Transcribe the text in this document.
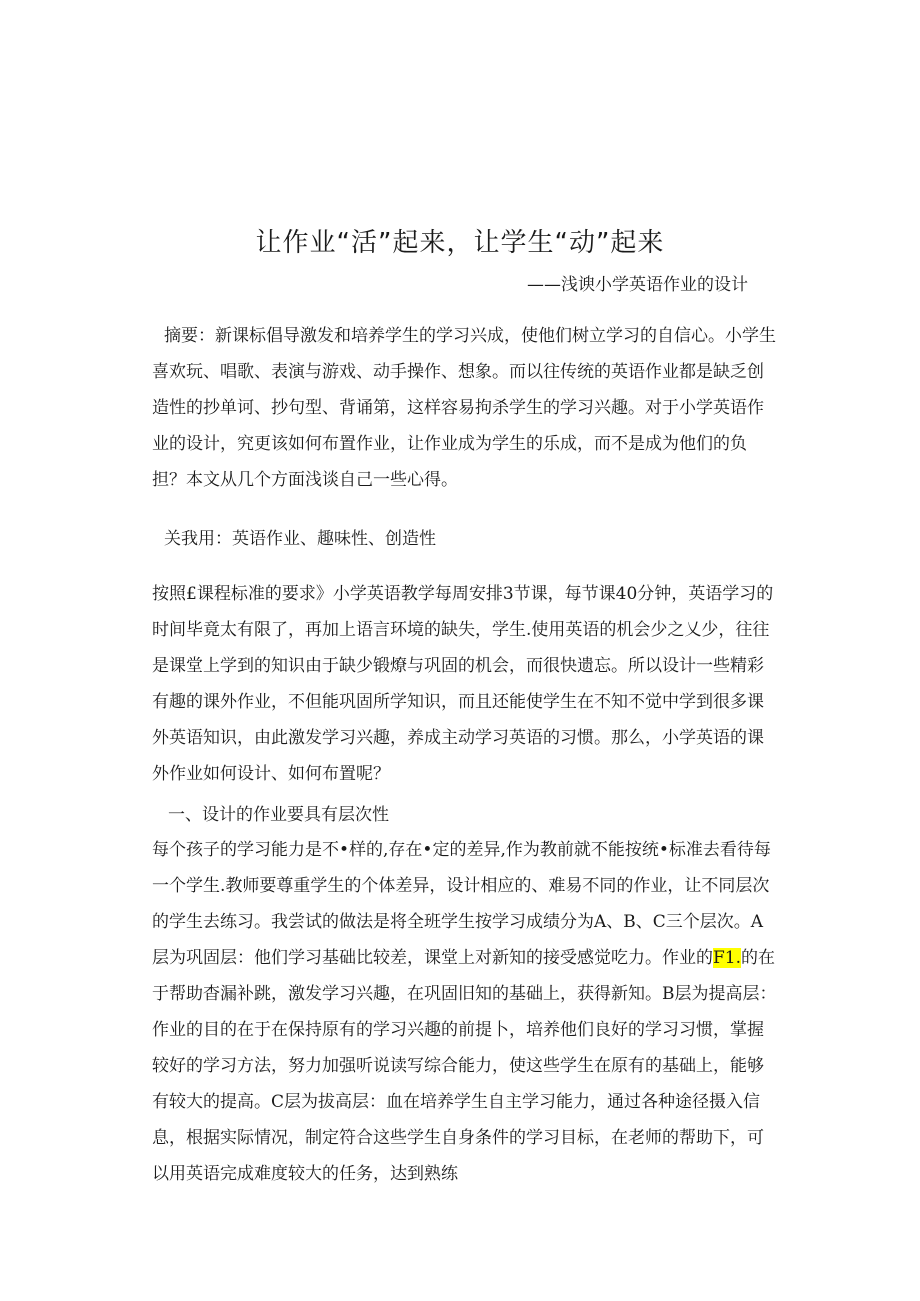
让作业“活”起来，让学生“动”起来

——浅谀小学英语作业的设计

摘要：新课标倡导激发和培养学生的学习兴成，使他们树立学习的自信心。小学生喜欢玩、唱歌、表演与游戏、动手操作、想象。而以往传统的英语作业都是缺乏创造性的抄单诃、抄句型、背诵第，这样容易拘杀学生的学习兴趣。对于小学英语作业的设计，究更该如何布置作业，让作业成为学生的乐成，而不是成为他们的负担？本文从几个方面浅谈自己一些心得。

关我用：英语作业、趣味性、创造性

按照£课程标准的要求》小学英语教学每周安排3节课，每节课40分钟，英语学习的时间毕竟太有限了，再加上语言环境的缺失，学生.使用英语的机会少之乂少，往往是课堂上学到的知识由于缺少锻燎与巩固的机会，而很快遗忘。所以设计一些精彩有趣的课外作业，不但能巩固所学知识，而且还能使学生在不知不觉中学到很多课外英语知识，由此激发学习兴趣，养成主动学习英语的习惯。那么，小学英语的课外作业如何设计、如何布置呢？

一、设计的作业要具有层次性

每个孩子的学习能力是不•样的,存在•定的差异,作为教前就不能按统•标准去看待每一个学生.教师要尊重学生的个体差异，设计相应的、难易不同的作业，让不同层次的学生去练习。我尝试的做法是将全班学生按学习成绩分为A、B、C三个层次。A层为巩固层：他们学习基础比较差，课堂上对新知的接受感觉吃力。作业的F1.的在于帮助杳漏补跳，激发学习兴趣，在巩固旧知的基础上，获得新知。B层为提高层：作业的目的在于在保持原有的学习兴趣的前提卜，培养他们良好的学习习惯，掌握较好的学习方法，努力加强听说读写综合能力，使这些学生在原有的基础上，能够有较大的提高。C层为拔高层：血在培养学生自主学习能力，通过各种途径摄入信息，根据实际情况，制定符合这些学生自身条件的学习目标，在老师的帮助下，可以用英语完成难度较大的任务，达到熟练
